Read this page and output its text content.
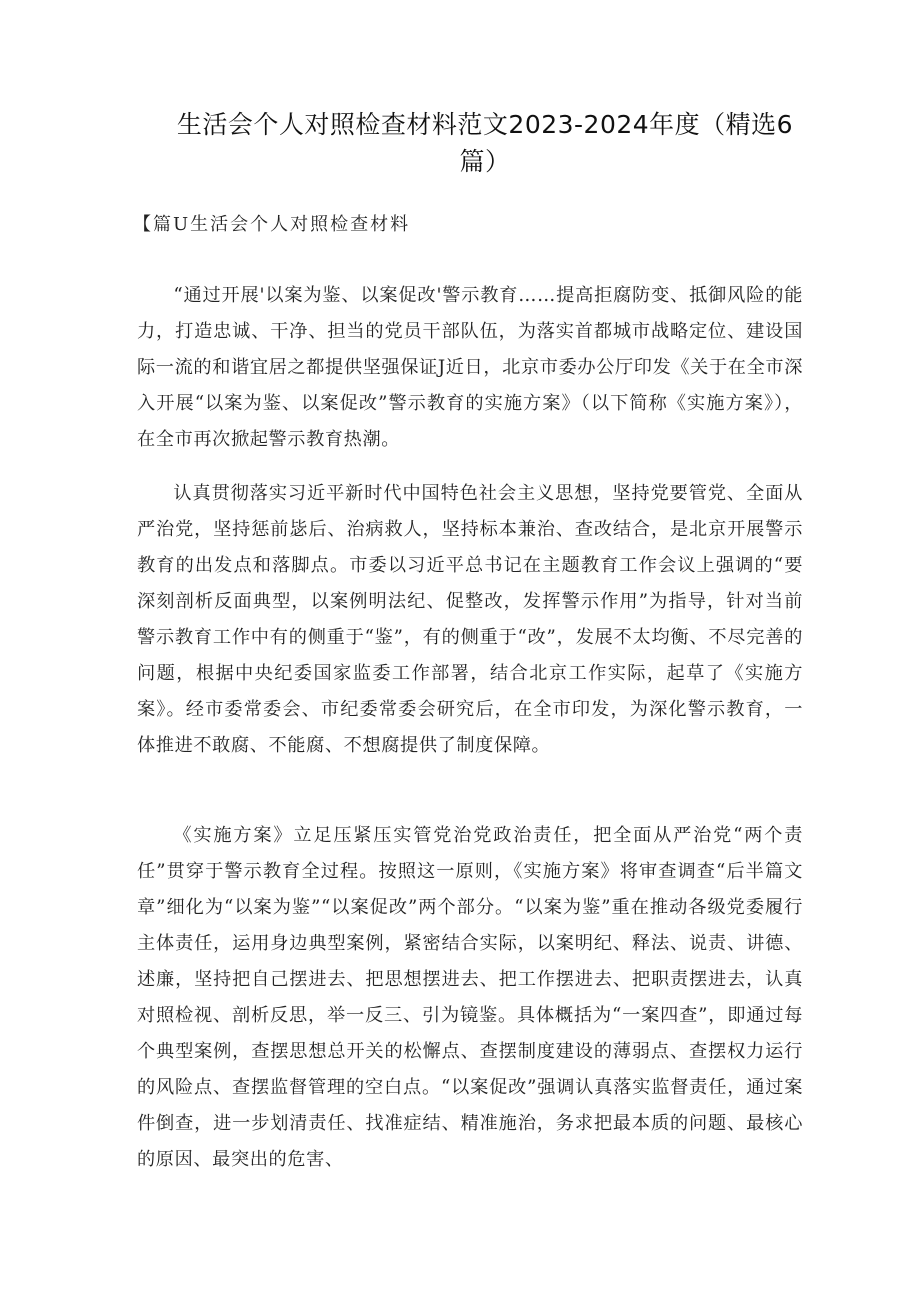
生活会个人对照检查材料范文2023-2024年度（精选6篇）
【篇U生活会个人对照检查材料

“通过开展'以案为鉴、以案促改'警示教育……提高拒腐防变、抵御风险的能力，打造忠诚、干净、担当的党员干部队伍，为落实首都城市战略定位、建设国际一流的和谐宜居之都提供坚强保证J近日，北京市委办公厅印发《关于在全市深入开展“以案为鉴、以案促改”警示教育的实施方案》（以下简称《实施方案》），在全市再次掀起警示教育热潮。

认真贯彻落实习近平新时代中国特色社会主义思想，坚持党要管党、全面从严治党，坚持惩前毖后、治病救人，坚持标本兼治、查改结合，是北京开展警示教育的出发点和落脚点。市委以习近平总书记在主题教育工作会议上强调的“要深刻剖析反面典型，以案例明法纪、促整改，发挥警示作用”为指导，针对当前警示教育工作中有的侧重于“鉴”，有的侧重于“改”，发展不太均衡、不尽完善的问题，根据中央纪委国家监委工作部署，结合北京工作实际，起草了《实施方案》。经市委常委会、市纪委常委会研究后，在全市印发，为深化警示教育，一体推进不敢腐、不能腐、不想腐提供了制度保障。

《实施方案》立足压紧压实管党治党政治责任，把全面从严治党“两个责任”贯穿于警示教育全过程。按照这一原则，《实施方案》将审查调查“后半篇文章”细化为“以案为鉴”“以案促改”两个部分。“以案为鉴”重在推动各级党委履行主体责任，运用身边典型案例，紧密结合实际，以案明纪、释法、说责、讲德、述廉，坚持把自己摆进去、把思想摆进去、把工作摆进去、把职责摆进去，认真对照检视、剖析反思，举一反三、引为镜鉴。具体概括为“一案四查”，即通过每个典型案例，查摆思想总开关的松懈点、查摆制度建设的薄弱点、查摆权力运行的风险点、查摆监督管理的空白点。“以案促改”强调认真落实监督责任，通过案件倒查，进一步划清责任、找准症结、精准施治，务求把最本质的问题、最核心的原因、最突出的危害、
